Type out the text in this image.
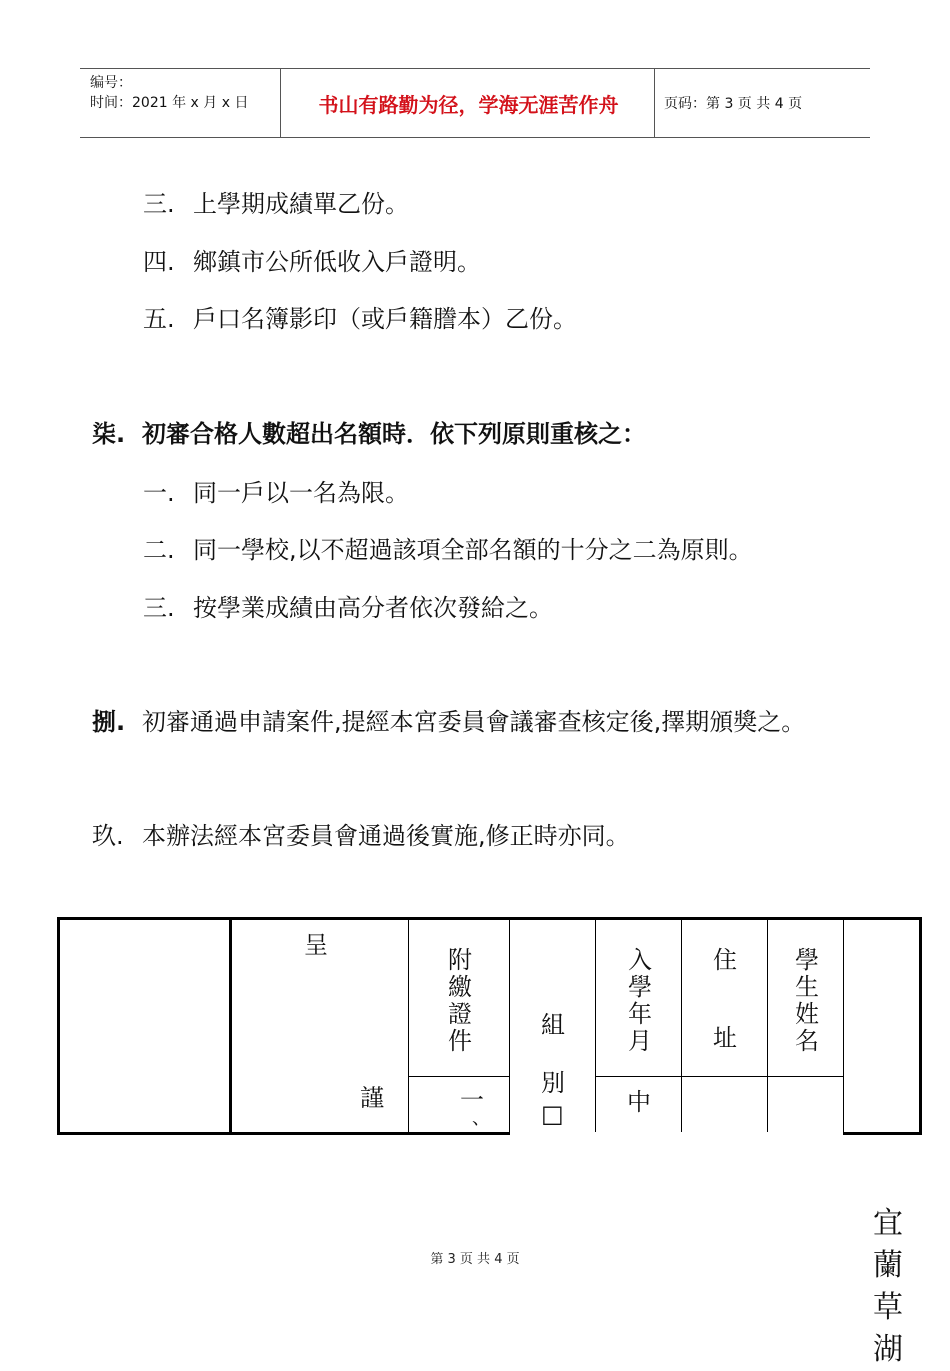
编号：
时间：2021 年 x 月 x 日	书山有路勤为径，学海无涯苦作舟	页码：第 3 页 共 4 页
三. 上學期成績單乙份。
四. 鄉鎮市公所低收入戶證明。
五. 戶口名簿影印（或戶籍謄本）乙份。
柒. 初審合格人數超出名額時．依下列原則重核之：
一. 同一戶以一名為限。
二. 同一學校,以不超過該項全部名額的十分之二為原則。
三. 按學業成績由高分者依次發給之。
捌. 初審通過申請案件,提經本宮委員會議審查核定後,擇期頒獎之。
玖. 本辦法經本宮委員會通過後實施,修正時亦同。
呈
謹
附
繳
證
件
一
、
組
別
□
入
學
年
月
中
住
址
學
生
姓
名
第 3 页 共 4 页
宜
蘭
草
湖
